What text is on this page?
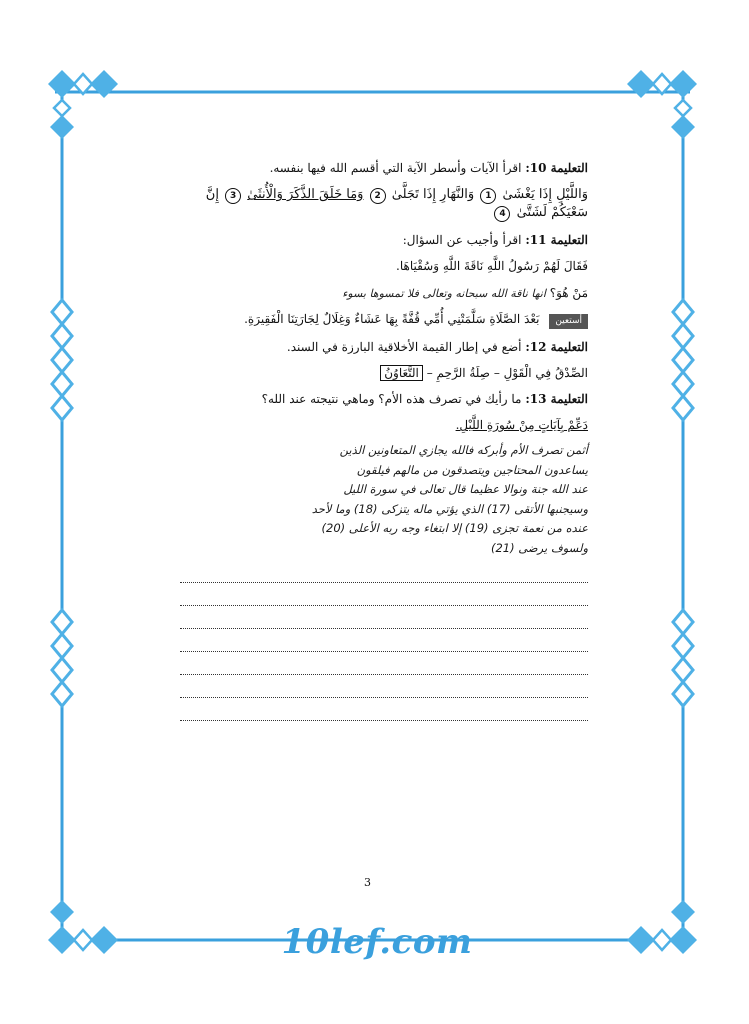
التعليمة 10: اقرأ الآيات وأسطر الآية التي أقسم الله فيها بنفسه.

وَاللَّيْلِ إِذَا يَغْشَىٰ 1 وَالنَّهَارِ إِذَا تَجَلَّىٰ 2 وَمَا خَلَقَ الذَّكَرَ وَالْأُنثَىٰ 3 إِنَّ سَعْيَكُمْ لَشَتَّىٰ 4

التعليمة 11: اقرأ وأجيب عن السؤال:

فَقَالَ لَهُمْ رَسُولُ اللَّهِ نَاقَةَ اللَّهِ وَسُقْيَاهَا.

مَنْ هُوَ؟ انها ناقة الله سبحانه وتعالى فلا تمسوها بسوء

أستعين بَعْدَ الصَّلَاةِ سَلَّمَتْنِي أُمِّي قُفَّةً بِهَا عَشَاءٌ وَغِلَالٌ لِجَارَتِنَا الْفَقِيرَةِ.

التعليمة 12: أضع في إطار القيمة الأخلاقية البارزة في السند.

الصِّدْقُ فِي الْقَوْلِ – صِلَةُ الرَّحِمِ – التَّعَاوُنُ

التعليمة 13: ما رأيك في تصرف هذه الأم؟ وماهي نتيجته عند الله؟

دَعِّمْ بِآيَاتٍ مِنْ سُورَةِ اللَّيْلِ.

أثمن تصرف الأم وأبركه فالله يجازي المتعاونين الذين

يساعدون المحتاجين ويتصدقون من مالهم فيلقون

عند الله جنة ونوالا عظيما قال تعالى في سورة الليل

وسيجنبها الأتقى (17) الذي يؤتي ماله يتزكى (18) وما لأحد

عنده من نعمة تجزى (19) إلا ابتغاء وجه ربه الأعلى (20)

ولسوف يرضى (21)

3
10lef.com
